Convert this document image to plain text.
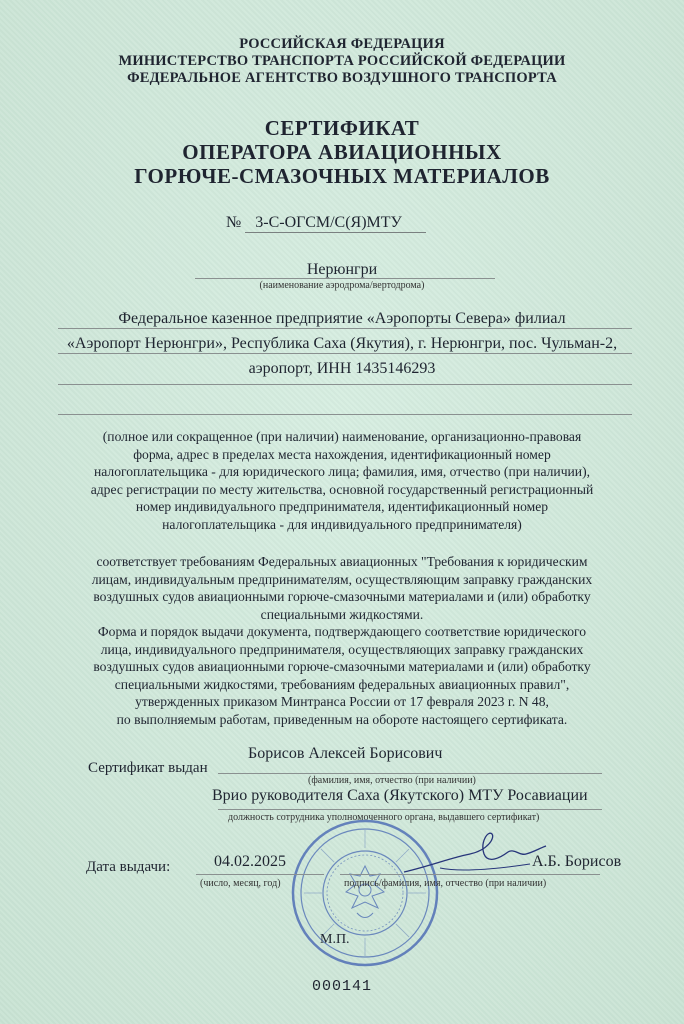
РОССИЙСКАЯ ФЕДЕРАЦИЯ
МИНИСТЕРСТВО ТРАНСПОРТА РОССИЙСКОЙ ФЕДЕРАЦИИ
ФЕДЕРАЛЬНОЕ АГЕНТСТВО ВОЗДУШНОГО ТРАНСПОРТА
СЕРТИФИКАТ
ОПЕРАТОРА АВИАЦИОННЫХ
ГОРЮЧЕ-СМАЗОЧНЫХ МАТЕРИАЛОВ
№ 3-С-ОГСМ/С(Я)МТУ
Нерюнгри
(наименование аэродрома/вертодрома)
Федеральное казенное предприятие «Аэропорты Севера» филиал
«Аэропорт Нерюнгри», Республика Саха (Якутия), г. Нерюнгри, пос. Чульман-2,
аэропорт, ИНН 1435146293
(полное или сокращенное (при наличии) наименование, организационно-правовая
форма, адрес в пределах места нахождения, идентификационный номер
налогоплательщика - для юридического лица; фамилия, имя, отчество (при наличии),
адрес регистрации по месту жительства, основной государственный регистрационный
номер индивидуального предпринимателя, идентификационный номер
налогоплательщика - для индивидуального предпринимателя)
соответствует требованиям Федеральных авиационных "Требования к юридическим
лицам, индивидуальным предпринимателям, осуществляющим заправку гражданских
воздушных судов авиационными горюче-смазочными материалами и (или) обработку
специальными жидкостями.
Форма и порядок выдачи документа, подтверждающего соответствие юридического
лица, индивидуального предпринимателя, осуществляющих заправку гражданских
воздушных судов авиационными горюче-смазочными материалами и (или) обработку
специальными жидкостями, требованиям федеральных авиационных правил",
утвержденных приказом Минтранса России от 17 февраля 2023 г. N 48,
по выполняемым работам, приведенным на обороте настоящего сертификата.
Сертификат выдан
Борисов Алексей Борисович
(фамилия, имя, отчество (при наличии)
Врио руководителя Саха (Якутского) МТУ Росавиации
должность сотрудника уполномоченного органа, выдавшего сертификат)
Дата выдачи:	04.02.2025
(число, месяц, год)
А.Б. Борисов
подпись/фамилия, имя, отчество (при наличии)
М.П.
000141
